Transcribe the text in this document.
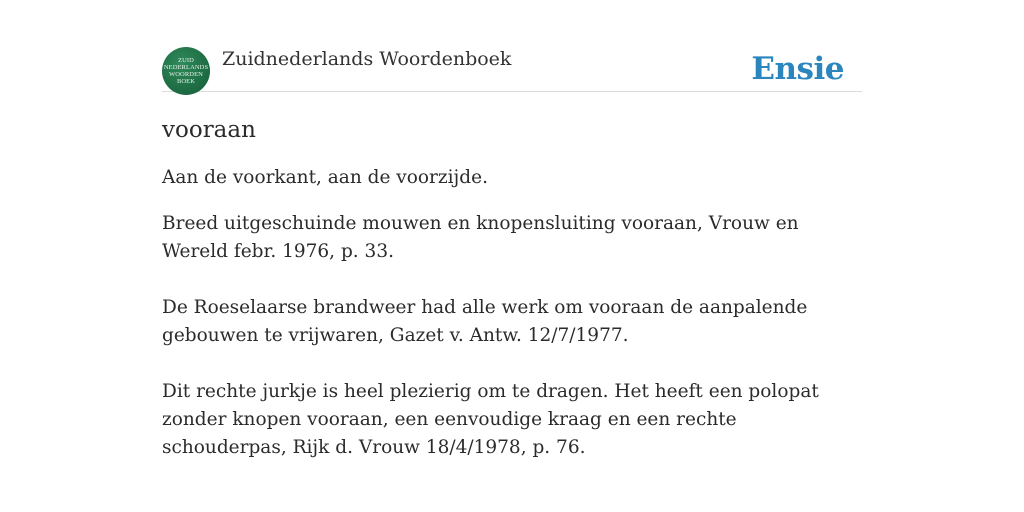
ZUID
NEDERLANDS
WOORDEN
BOEK
Zuidnederlands Woordenboek	Ensie
vooraan

Aan de voorkant, aan de voorzijde.

Breed uitgeschuinde mouwen en knopensluiting vooraan, Vrouw en Wereld febr. 1976, p. 33.

De Roeselaarse brandweer had alle werk om vooraan de aanpalende gebouwen te vrijwaren, Gazet v. Antw. 12/7/1977.

Dit rechte jurkje is heel plezierig om te dragen. Het heeft een polopat zonder knopen vooraan, een eenvoudige kraag en een rechte schouderpas, Rijk d. Vrouw 18/4/1978, p. 76.
